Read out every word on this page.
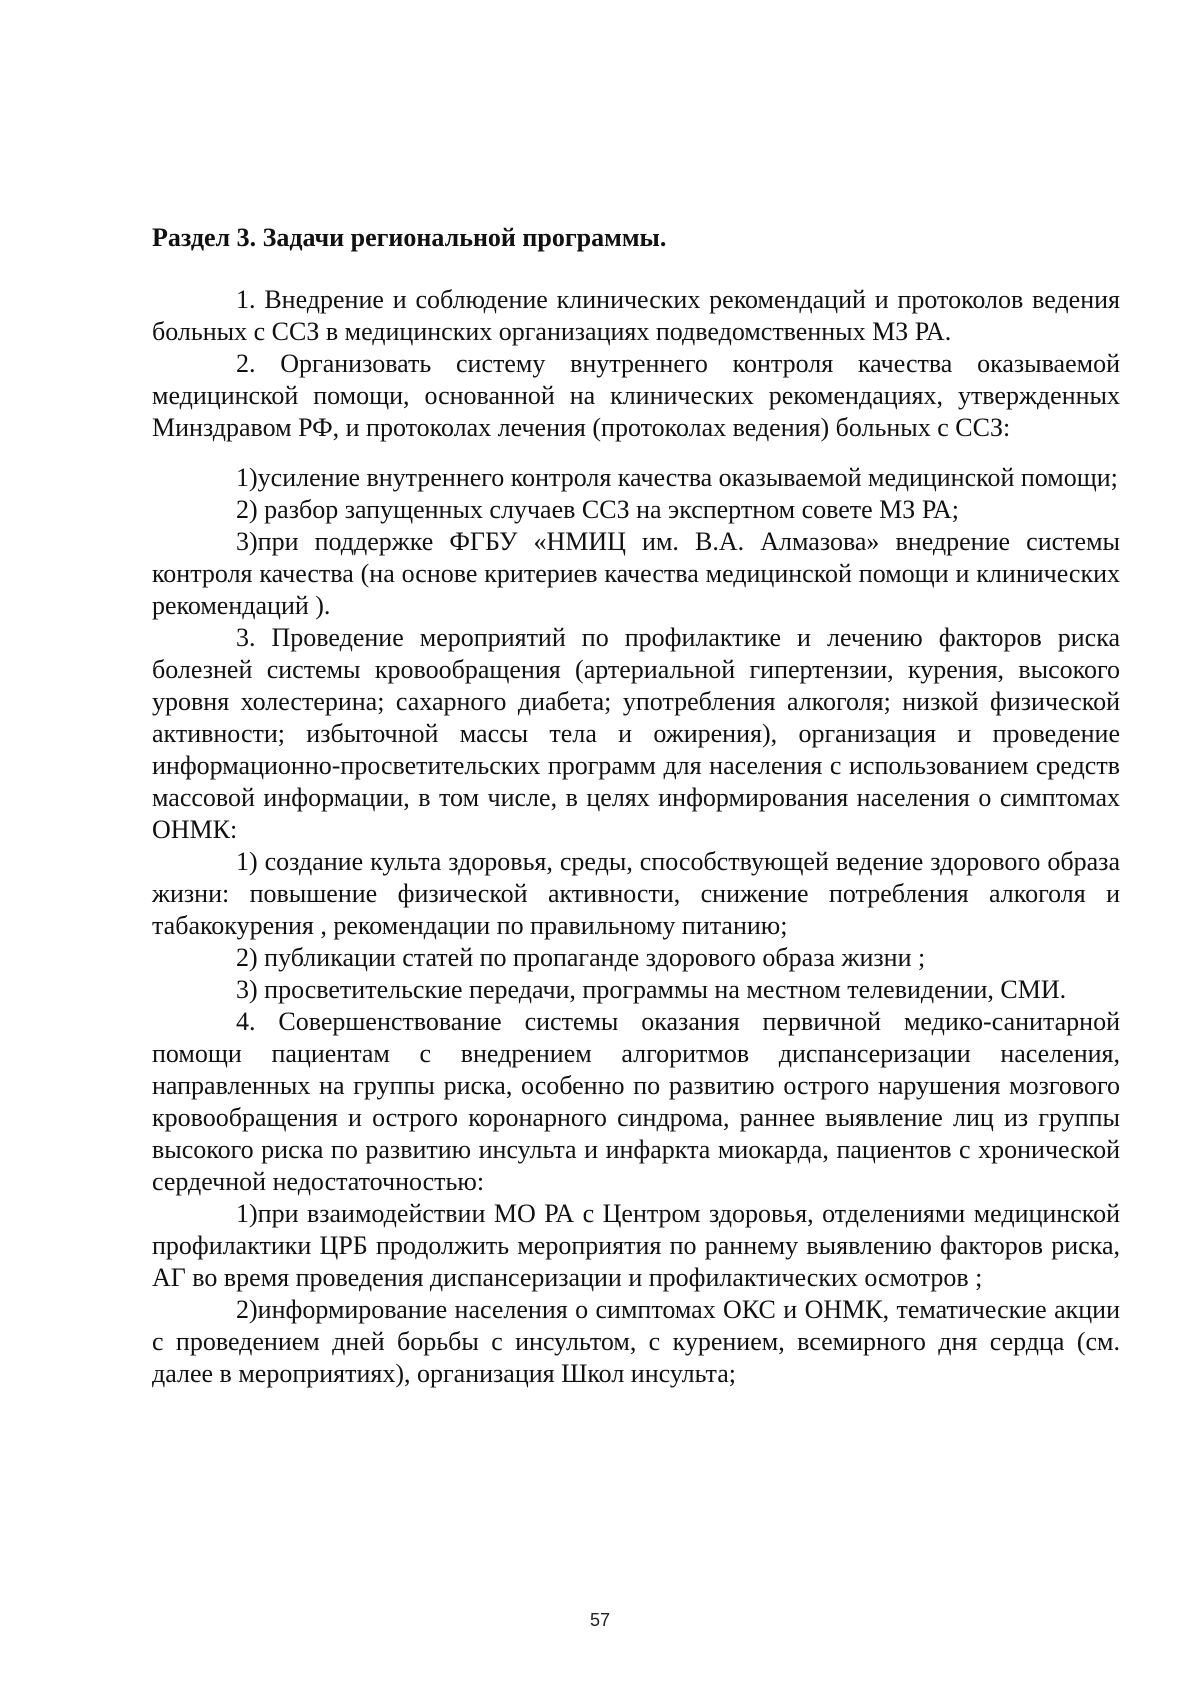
Раздел 3. Задачи региональной программы.

1. Внедрение и соблюдение клинических рекомендаций и протоколов ведения больных с ССЗ в медицинских организациях подведомственных МЗ РА.

2. Организовать систему внутреннего контроля качества оказываемой медицинской помощи, основанной на клинических рекомендациях, утвержденных Минздравом РФ, и протоколах лечения (протоколах ведения) больных с ССЗ:

1)усиление внутреннего контроля качества оказываемой медицинской помощи;

2) разбор запущенных случаев ССЗ на экспертном совете МЗ РА;

3)при поддержке ФГБУ «НМИЦ им. В.А. Алмазова» внедрение системы контроля качества (на основе критериев качества медицинской помощи и клинических рекомендаций ).

3. Проведение мероприятий по профилактике и лечению факторов риска болезней системы кровообращения (артериальной гипертензии, курения, высокого уровня холестерина; сахарного диабета; употребления алкоголя; низкой физической активности; избыточной массы тела и ожирения), организация и проведение информационно-просветительских программ для населения с использованием средств массовой информации, в том числе, в целях информирования населения о симптомах ОНМК:

1) создание культа здоровья, среды, способствующей ведение здорового образа жизни: повышение физической активности, снижение потребления алкоголя и табакокурения , рекомендации по правильному питанию;

2) публикации статей по пропаганде здорового образа жизни ;

3) просветительские передачи, программы на местном телевидении, СМИ.

4. Совершенствование системы оказания первичной медико-санитарной помощи пациентам с внедрением алгоритмов диспансеризации населения, направленных на группы риска, особенно по развитию острого нарушения мозгового кровообращения и острого коронарного синдрома, раннее выявление лиц из группы высокого риска по развитию инсульта и инфаркта миокарда, пациентов с хронической сердечной недостаточностью:

1)при взаимодействии МО РА с Центром здоровья, отделениями медицинской профилактики ЦРБ продолжить мероприятия по раннему выявлению факторов риска, АГ во время проведения диспансеризации и профилактических осмотров ;

2)информирование населения о симптомах ОКС и ОНМК, тематические акции с проведением дней борьбы с инсультом, с курением, всемирного дня сердца (см. далее в мероприятиях), организация Школ инсульта;

57
